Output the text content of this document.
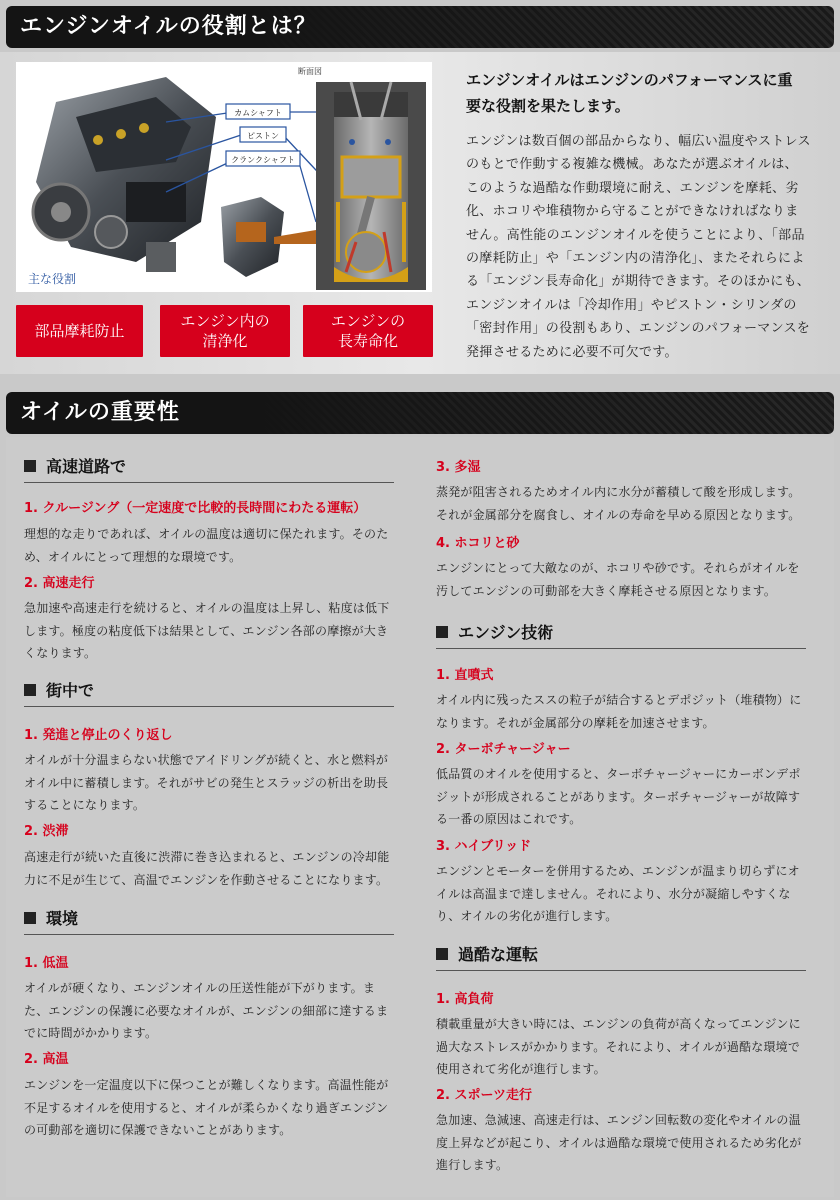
エンジンオイルの役割とは？
カムシャフト
ピストン
クランクシャフト
断面図
主な役割
部品摩耗防止
エンジン内の
清浄化
エンジンの
長寿命化
エンジンオイルはエンジンのパフォーマンスに重要な役割を果たします。
エンジンは数百個の部品からなり、幅広い温度やストレスのもとで作動する複雑な機械。あなたが選ぶオイルは、このような過酷な作動環境に耐え、エンジンを摩耗、劣化、ホコリや堆積物から守ることができなければなりません。高性能のエンジンオイルを使うことにより、「部品の摩耗防止」や「エンジン内の清浄化」、またそれらによる「エンジン長寿命化」が期待できます。そのほかにも、エンジンオイルは「冷却作用」やピストン・シリンダの「密封作用」の役割もあり、エンジンのパフォーマンスを発揮させるために必要不可欠です。
オイルの重要性
高速道路で
1. クルージング（一定速度で比較的長時間にわたる運転）
理想的な走りであれば、オイルの温度は適切に保たれます。そのため、オイルにとって理想的な環境です。
2. 高速走行
急加速や高速走行を続けると、オイルの温度は上昇し、粘度は低下します。極度の粘度低下は結果として、エンジン各部の摩擦が大きくなります。
街中で
1. 発進と停止のくり返し
オイルが十分温まらない状態でアイドリングが続くと、水と燃料がオイル中に蓄積します。それがサビの発生とスラッジの析出を助長することになります。
2. 渋滞
高速走行が続いた直後に渋滞に巻き込まれると、エンジンの冷却能力に不足が生じて、高温でエンジンを作動させることになります。
環境
1. 低温
オイルが硬くなり、エンジンオイルの圧送性能が下がります。また、エンジンの保護に必要なオイルが、エンジンの細部に達するまでに時間がかかります。
2. 高温
エンジンを一定温度以下に保つことが難しくなります。高温性能が不足するオイルを使用すると、オイルが柔らかくなり過ぎエンジンの可動部を適切に保護できないことがあります。
3. 多湿
蒸発が阻害されるためオイル内に水分が蓄積して酸を形成します。それが金属部分を腐食し、オイルの寿命を早める原因となります。
4. ホコリと砂
エンジンにとって大敵なのが、ホコリや砂です。それらがオイルを汚してエンジンの可動部を大きく摩耗させる原因となります。
エンジン技術
1. 直噴式
オイル内に残ったススの粒子が結合するとデポジット（堆積物）になります。それが金属部分の摩耗を加速させます。
2. ターボチャージャー
低品質のオイルを使用すると、ターボチャージャーにカーボンデポジットが形成されることがあります。ターボチャージャーが故障する一番の原因はこれです。
3. ハイブリッド
エンジンとモーターを併用するため、エンジンが温まり切らずにオイルは高温まで達しません。それにより、水分が凝縮しやすくなり、オイルの劣化が進行します。
過酷な運転
1. 高負荷
積載重量が大きい時には、エンジンの負荷が高くなってエンジンに過大なストレスがかかります。それにより、オイルが過酷な環境で使用されて劣化が進行します。
2. スポーツ走行
急加速、急減速、高速走行は、エンジン回転数の変化やオイルの温度上昇などが起こり、オイルは過酷な環境で使用されるため劣化が進行します。
